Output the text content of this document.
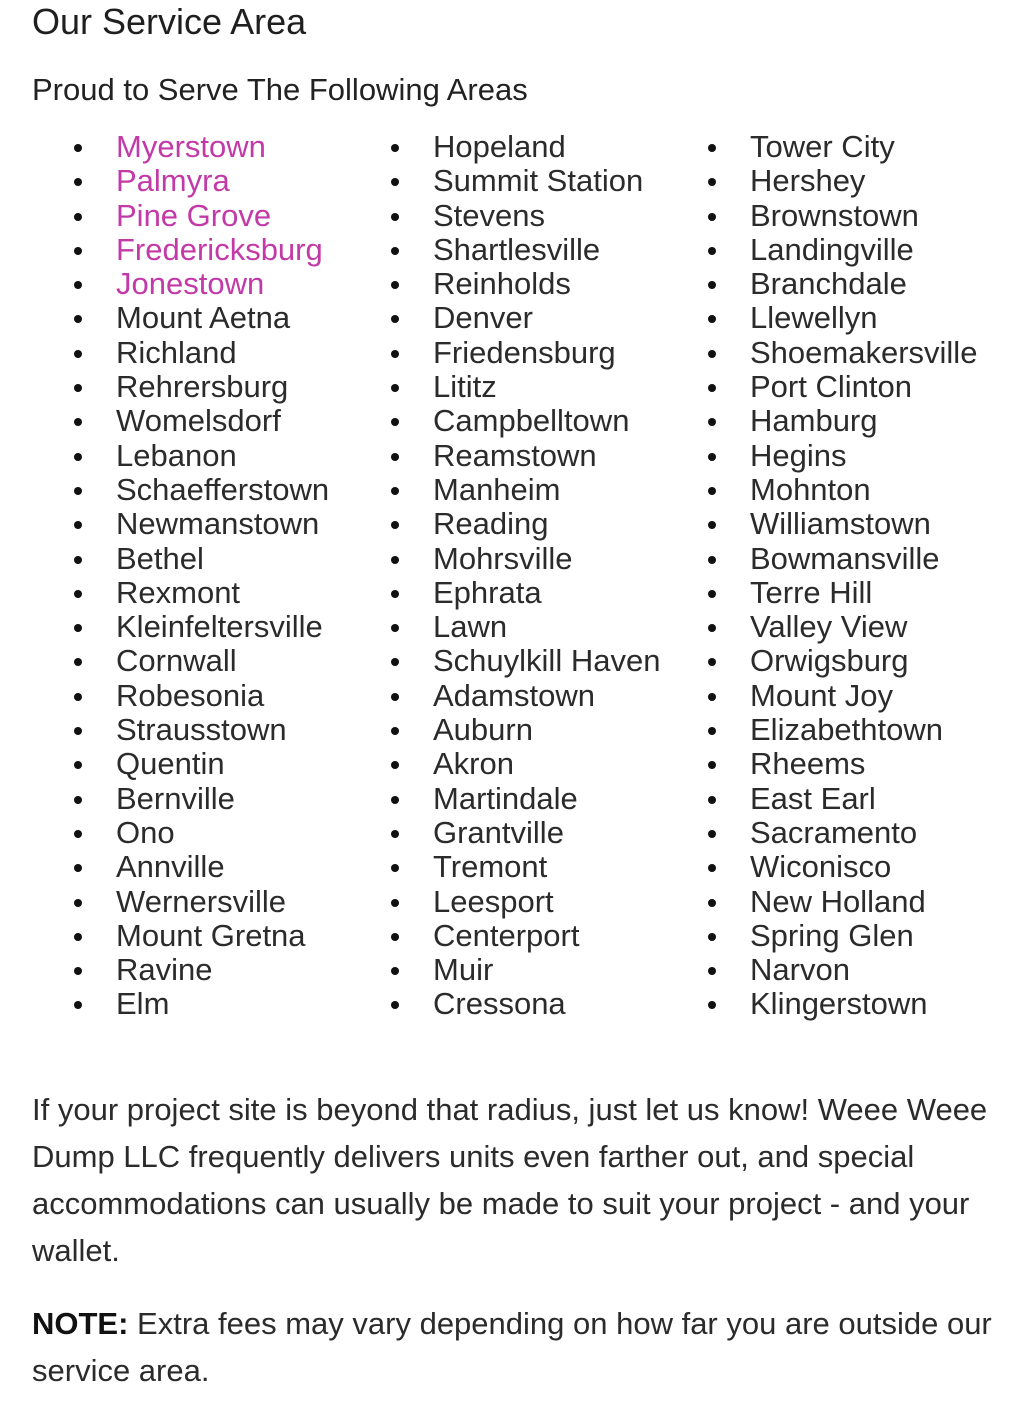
Our Service Area
Proud to Serve The Following Areas
Myerstown
Palmyra
Pine Grove
Fredericksburg
Jonestown
Mount Aetna
Richland
Rehrersburg
Womelsdorf
Lebanon
Schaefferstown
Newmanstown
Bethel
Rexmont
Kleinfeltersville
Cornwall
Robesonia
Strausstown
Quentin
Bernville
Ono
Annville
Wernersville
Mount Gretna
Ravine
Elm
Hopeland
Summit Station
Stevens
Shartlesville
Reinholds
Denver
Friedensburg
Lititz
Campbelltown
Reamstown
Manheim
Reading
Mohrsville
Ephrata
Lawn
Schuylkill Haven
Adamstown
Auburn
Akron
Martindale
Grantville
Tremont
Leesport
Centerport
Muir
Cressona
Tower City
Hershey
Brownstown
Landingville
Branchdale
Llewellyn
Shoemakersville
Port Clinton
Hamburg
Hegins
Mohnton
Williamstown
Bowmansville
Terre Hill
Valley View
Orwigsburg
Mount Joy
Elizabethtown
Rheems
East Earl
Sacramento
Wiconisco
New Holland
Spring Glen
Narvon
Klingerstown

If your project site is beyond that radius, just let us know! Weee Weee Dump LLC frequently delivers units even farther out, and special accommodations can usually be made to suit your project - and your wallet.

NOTE: Extra fees may vary depending on how far you are outside our service area.
